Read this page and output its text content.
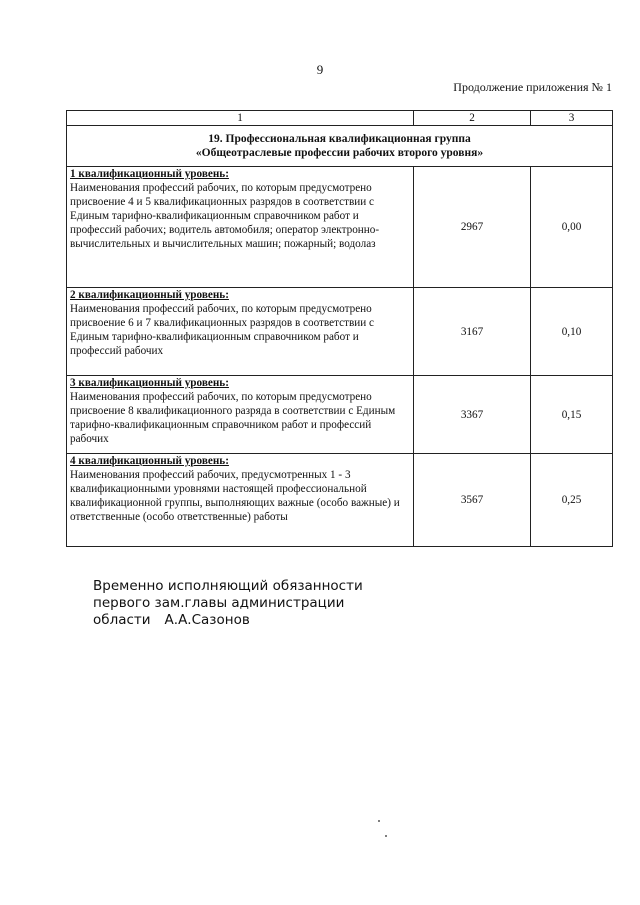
9
Продолжение приложения № 1
1	2	3

19. Профессиональная квалификационная группа
«Общеотраслевые профессии рабочих второго уровня»		

1 квалификационный уровень:
Наименования профессий рабочих, по которым предусмотрено присвоение 4 и 5 квалификационных разрядов в соответствии с Единым тарифно-квалификационным справочником работ и профессий рабочих; водитель автомобиля; оператор электронно-вычислительных и вычислительных машин; пожарный; водолаз	2967	0,00

2 квалификационный уровень:
Наименования профессий рабочих, по которым предусмотрено присвоение 6 и 7 квалификационных разрядов в соответствии с Единым тарифно-квалификационным справочником работ и профессий рабочих	3167	0,10

3 квалификационный уровень:
Наименования профессий рабочих, по которым предусмотрено присвоение 8 квалификационного разряда в соответствии с Единым тарифно-квалификационным справочником работ и профессий рабочих	3367	0,15

4 квалификационный уровень:
Наименования профессий рабочих, предусмотренных 1 - 3 квалификационными уровнями настоящей профессиональной квалификационной группы, выполняющих важные (особо важные) и ответственные (особо ответственные) работы	3567	0,25
Временно исполняющий обязанности
первого зам.главы администрации
области А.А.Сазонов
